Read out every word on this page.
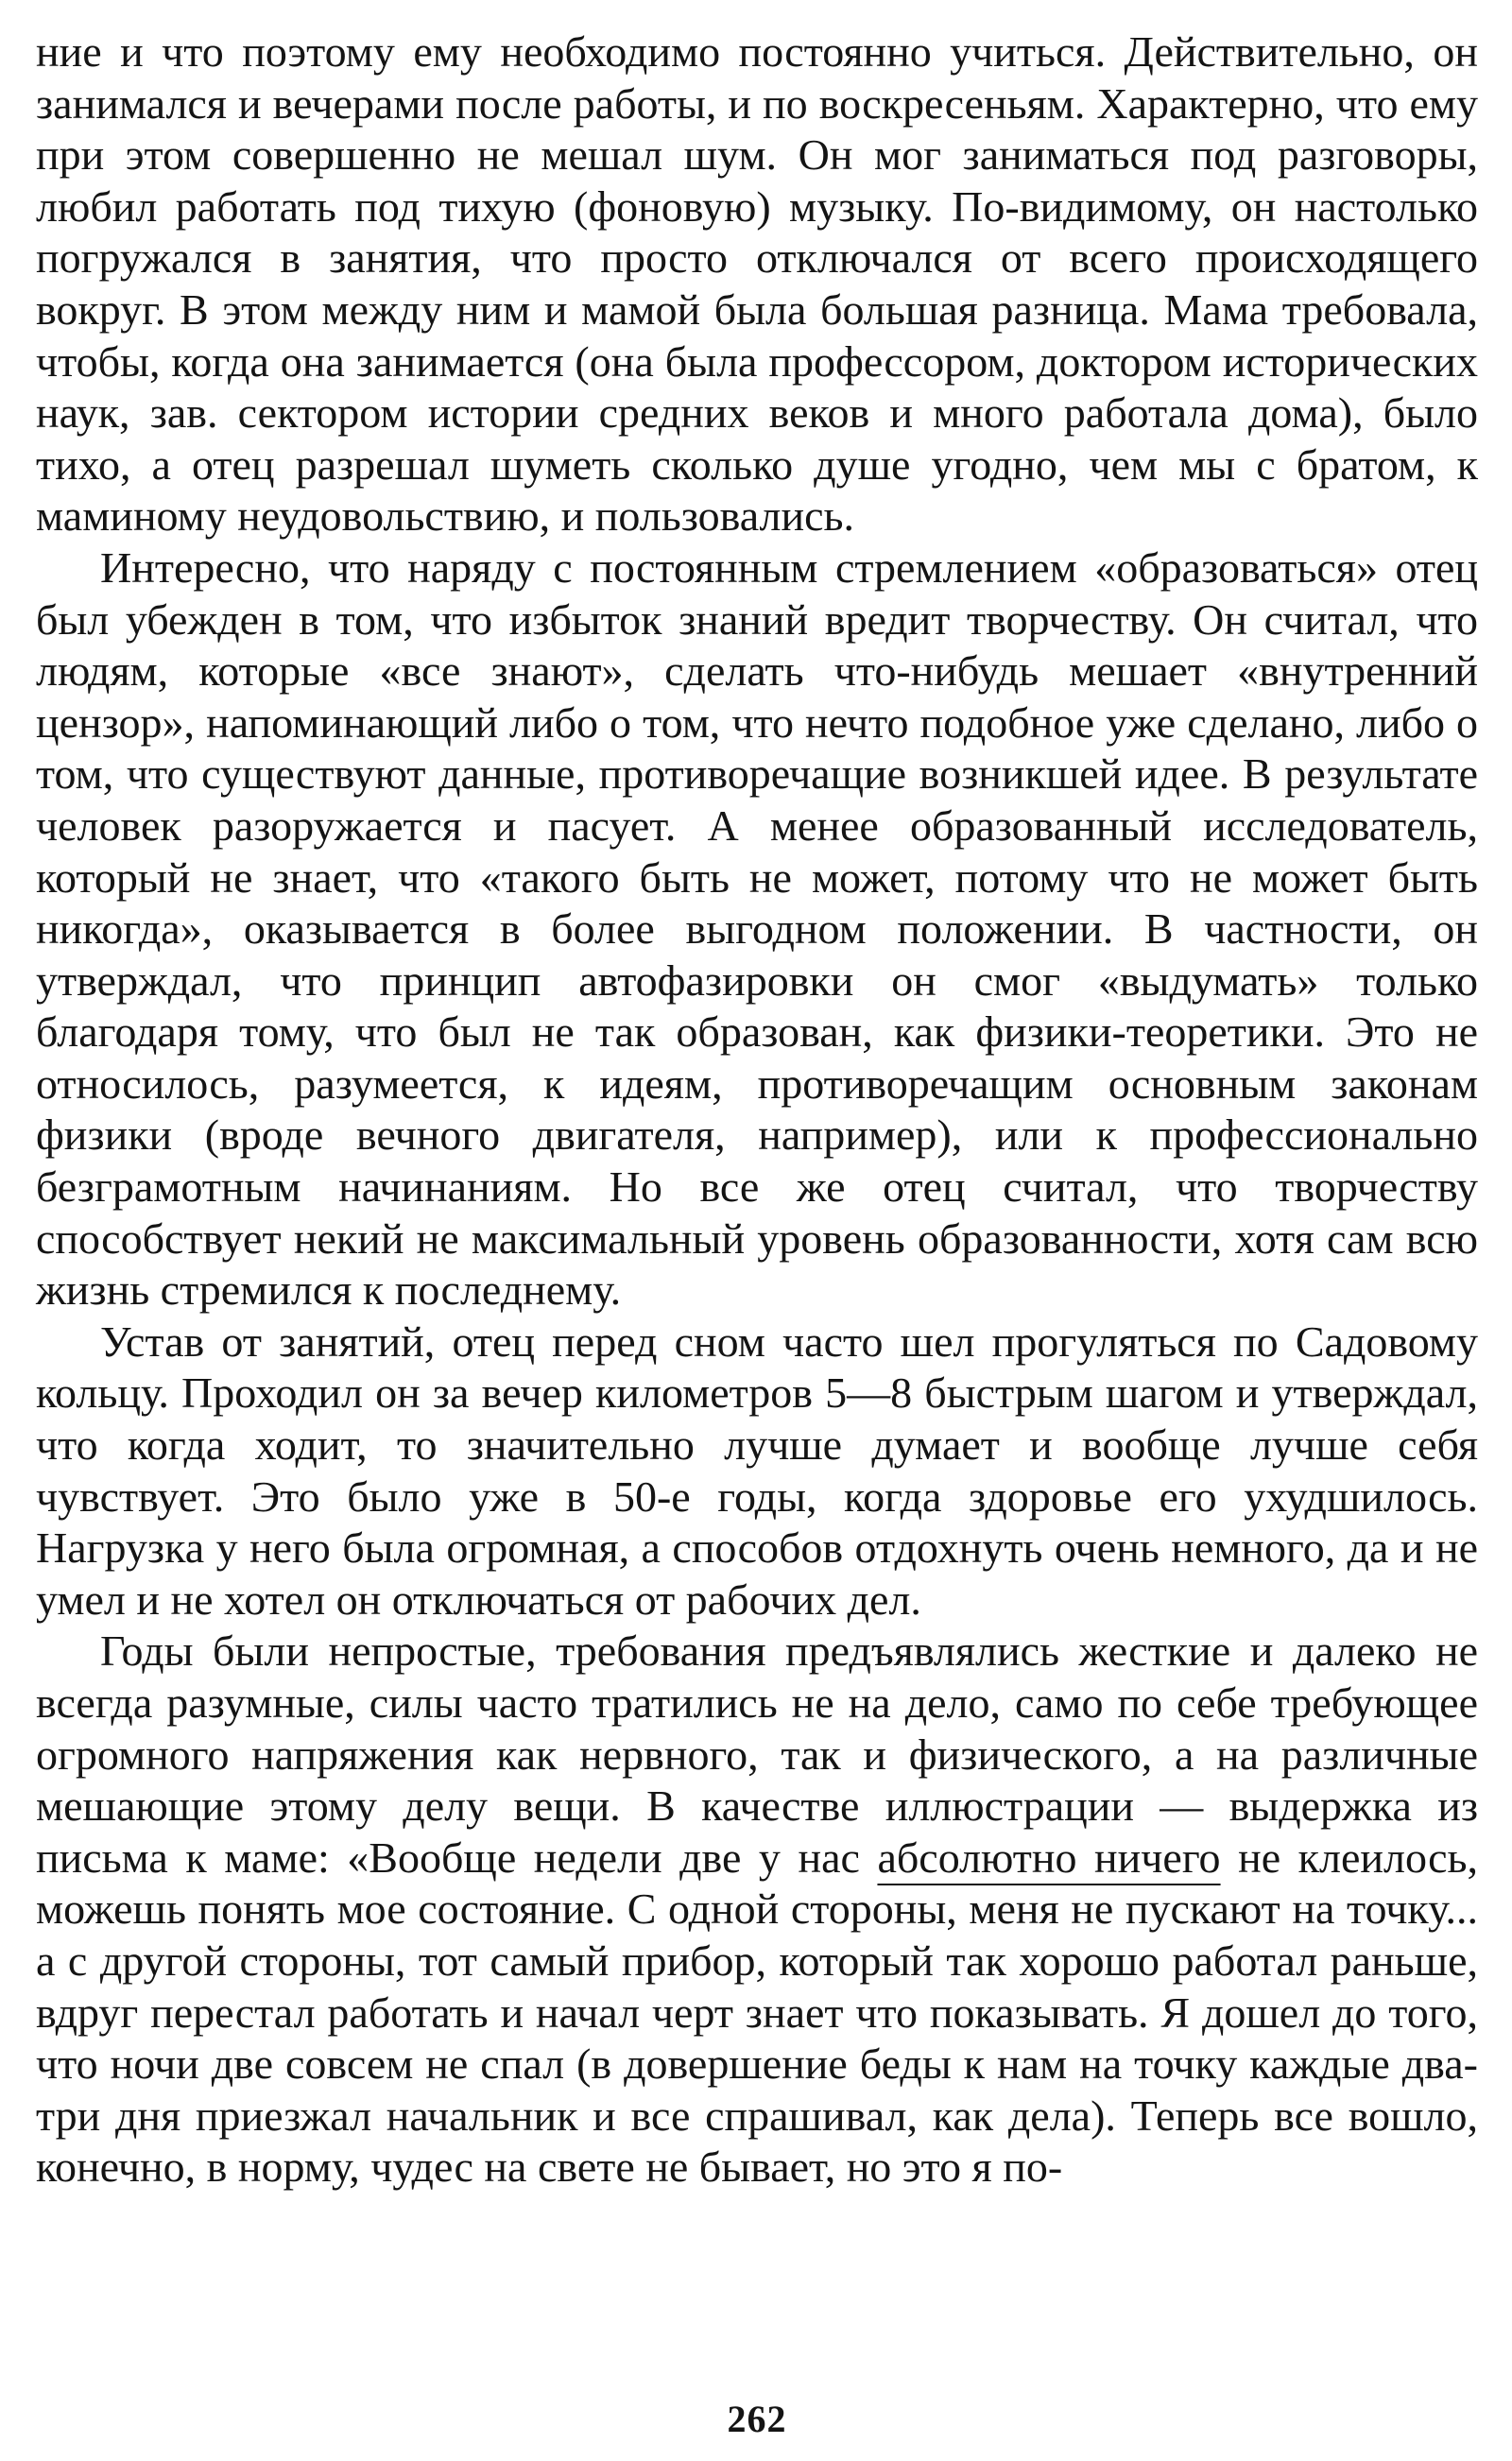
ние и что поэтому ему необходимо постоянно учиться. Действительно, он занимался и вечерами после работы, и по воскресеньям. Характерно, что ему при этом совершенно не мешал шум. Он мог заниматься под разговоры, любил работать под тихую (фоновую) музыку. По-видимому, он настолько погружался в занятия, что просто отключался от всего происходящего вокруг. В этом между ним и мамой была большая разница. Мама требовала, чтобы, когда она занимается (она была профессором, доктором исторических наук, зав. сектором истории средних веков и много работала дома), было тихо, а отец разрешал шуметь сколько душе угодно, чем мы с братом, к маминому неудовольствию, и пользовались.

Интересно, что наряду с постоянным стремлением «образоваться» отец был убежден в том, что избыток знаний вредит творчеству. Он считал, что людям, которые «все знают», сделать что-нибудь мешает «внутренний цензор», напоминающий либо о том, что нечто подобное уже сделано, либо о том, что существуют данные, противоречащие возникшей идее. В результате человек разоружается и пасует. А менее образованный исследователь, который не знает, что «такого быть не может, потому что не может быть никогда», оказывается в более выгодном положении. В частности, он утверждал, что принцип автофазировки он смог «выдумать» только благодаря тому, что был не так образован, как физики-теоретики. Это не относилось, разумеется, к идеям, противоречащим основным законам физики (вроде вечного двигателя, например), или к профессионально безграмотным начинаниям. Но все же отец считал, что творчеству способствует некий не максимальный уровень образованности, хотя сам всю жизнь стремился к последнему.

Устав от занятий, отец перед сном часто шел прогуляться по Садовому кольцу. Проходил он за вечер километров 5—8 быстрым шагом и утверждал, что когда ходит, то значительно лучше думает и вообще лучше себя чувствует. Это было уже в 50-е годы, когда здоровье его ухудшилось. Нагрузка у него была огромная, а способов отдохнуть очень немного, да и не умел и не хотел он отключаться от рабочих дел.

Годы были непростые, требования предъявлялись жесткие и далеко не всегда разумные, силы часто тратились не на дело, само по себе требующее огромного напряжения как нервного, так и физического, а на различные мешающие этому делу вещи. В качестве иллюстрации — выдержка из письма к маме: «Вообще недели две у нас абсолютно ничего не клеилось, можешь понять мое состояние. С одной стороны, меня не пускают на точку... а с другой стороны, тот самый прибор, который так хорошо работал раньше, вдруг перестал работать и начал черт знает что показывать. Я дошел до того, что ночи две совсем не спал (в довершение беды к нам на точку каждые два-три дня приезжал начальник и все спрашивал, как дела). Теперь все вошло, конечно, в норму, чудес на свете не бывает, но это я по-

262
